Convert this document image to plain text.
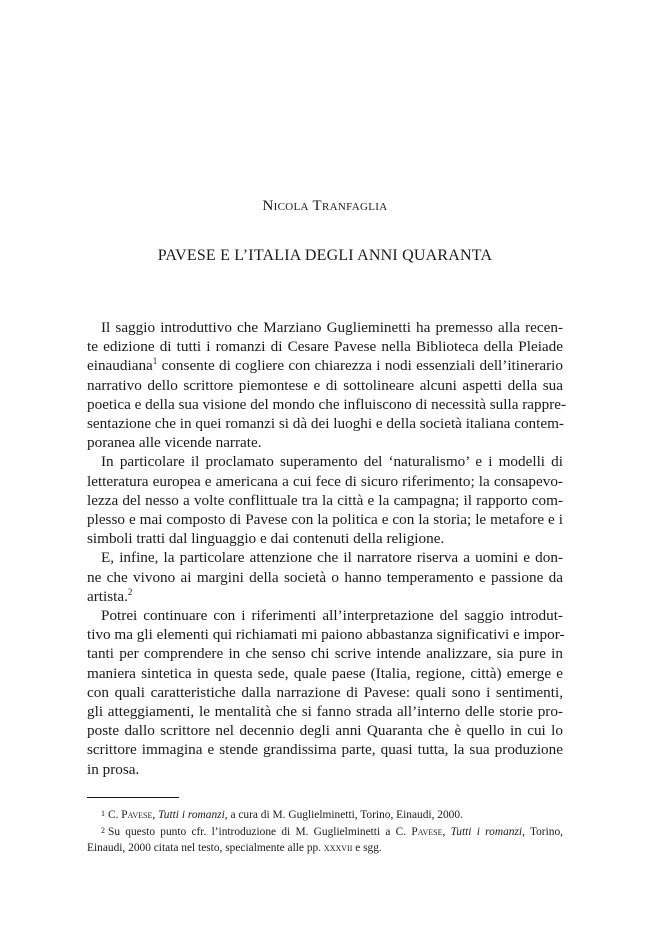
Nicola Tranfaglia
PAVESE E L’ITALIA DEGLI ANNI QUARANTA
Il saggio introduttivo che Marziano Guglieminetti ha premesso alla recen-
te edizione di tutti i romanzi di Cesare Pavese nella Biblioteca della Pleiade
einaudiana$^1$ consente di cogliere con chiarezza i nodi essenziali dell’itinerario
narrativo dello scrittore piemontese e di sottolineare alcuni aspetti della sua
poetica e della sua visione del mondo che influiscono di necessità sulla rappre-
sentazione che in quei romanzi si dà dei luoghi e della società italiana contem-
poranea alle vicende narrate.
In particolare il proclamato superamento del ‘naturalismo’ e i modelli di
letteratura europea e americana a cui fece di sicuro riferimento; la consapevo-
lezza del nesso a volte conflittuale tra la città e la campagna; il rapporto com-
plesso e mai composto di Pavese con la politica e con la storia; le metafore e i
simboli tratti dal linguaggio e dai contenuti della religione.
E, infine, la particolare attenzione che il narratore riserva a uomini e don-
ne che vivono ai margini della società o hanno temperamento e passione da
artista.$^2$
Potrei continuare con i riferimenti all’interpretazione del saggio introdut-
tivo ma gli elementi qui richiamati mi paiono abbastanza significativi e impor-
tanti per comprendere in che senso chi scrive intende analizzare, sia pure in
maniera sintetica in questa sede, quale paese (Italia, regione, città) emerge e
con quali caratteristiche dalla narrazione di Pavese: quali sono i sentimenti,
gli atteggiamenti, le mentalità che si fanno strada all’interno delle storie pro-
poste dallo scrittore nel decennio degli anni Quaranta che è quello in cui lo
scrittore immagina e stende grandissima parte, quasi tutta, la sua produzione
in prosa.
1 C. Pavese, Tutti i romanzi, a cura di M. Guglielminetti, Torino, Einaudi, 2000.
2 Su questo punto cfr. l’introduzione di M. Guglielminetti a C. Pavese, Tutti i romanzi, Torino,
Einaudi, 2000 citata nel testo, specialmente alle pp. xxxvii e sgg.
